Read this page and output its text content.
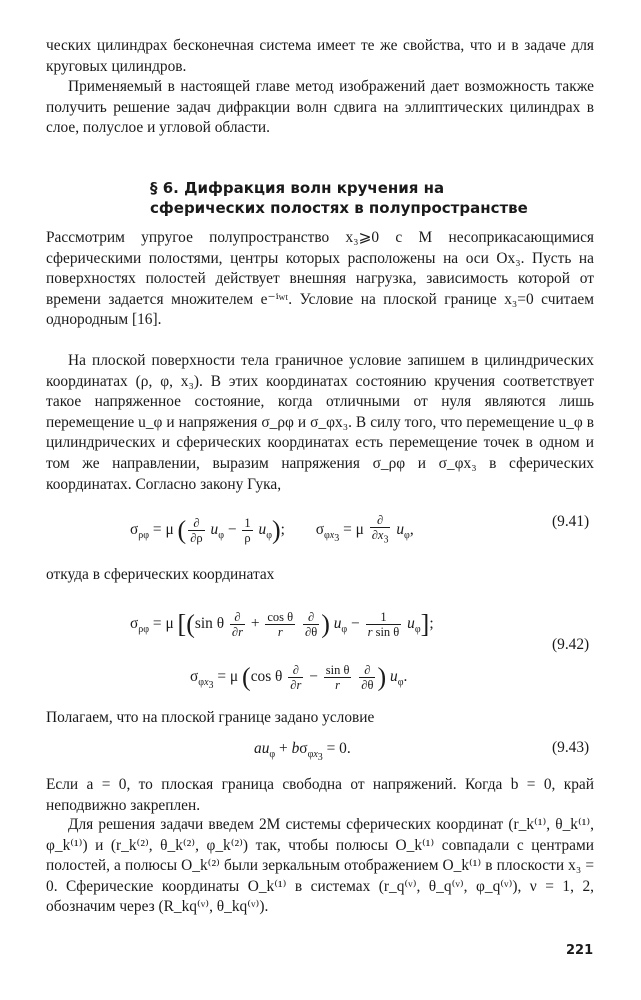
ческих цилиндрах бесконечная система имеет те же свойства, что и в задаче для круговых цилиндров.
Применяемый в настоящей главе метод изображений дает возможность также получить решение задач дифракции волн сдвига на эллиптических цилиндрах в слое, полуслое и угловой области.
§ 6. Дифракция волн кручения на сферических полостях в полупространстве
Рассмотрим упругое полупространство x₃⩾0 с M несоприкасающимися сферическими полостями, центры которых расположены на оси Ox₃. Пусть на поверхностях полостей действует внешняя нагрузка, зависимость которой от времени задается множителем e⁻ⁱʷᵗ. Условие на плоской границе x₃=0 считаем однородным [16].
На плоской поверхности тела граничное условие запишем в цилиндрических координатах (ρ, φ, x₃). В этих координатах состоянию кручения соответствует такое напряженное состояние, когда отличными от нуля являются лишь перемещение u_φ и напряжения σ_ρφ и σ_φx₃. В силу того, что перемещение u_φ в цилиндрических и сферических координатах есть перемещение точек в одном и том же направлении, выразим напряжения σ_ρφ и σ_φx₃ в сферических координатах. Согласно закону Гука,
$\sigma_{\rho\varphi} = \mu$ ( $\frac{\partial}{\partial\rho} u_\varphi - \frac{1}{\rho} u_\varphi$);        $\sigma_{\varphi x_3} = \mu \frac{\partial}{\partial x_3} u_\varphi$,	(9.41)
откуда в сферических координатах
$\sigma_{\rho\varphi} = \mu$ [(sin θ $\frac{\partial}{\partial r} + \frac{\text{cos θ}}{r}$
$\frac{\partial}{\partial\theta}$ ) $u_\varphi - \frac{1}{\text{r sin θ}} u_\varphi$];
$\sigma_{\varphi x_3} = \mu$ (cos θ $\frac{\partial}{\partial r} - \frac{\text{sin θ}}{r}$
$\frac{\partial}{\partial\theta}$ ) $u_\varphi$.
(9.42)
Полагаем, что на плоской границе задано условие
$au_\varphi + b\sigma_{\varphi x_3} = 0$.	(9.43)
Если a = 0, то плоская граница свободна от напряжений. Когда b = 0, край неподвижно закреплен.
Для решения задачи введем 2M системы сферических координат (r_k⁽¹⁾, θ_k⁽¹⁾, φ_k⁽¹⁾) и (r_k⁽²⁾, θ_k⁽²⁾, φ_k⁽²⁾) так, чтобы полюсы O_k⁽¹⁾ совпадали с центрами полостей, а полюсы O_k⁽²⁾ были зеркальным отображением O_k⁽¹⁾ в плоскости x₃ = 0. Сферические координаты O_k⁽¹⁾ в системах (r_q⁽ᵛ⁾, θ_q⁽ᵛ⁾, φ_q⁽ᵛ⁾), ν = 1, 2, обозначим через (R_kq⁽ᵛ⁾, θ_kq⁽ᵛ⁾).
221
